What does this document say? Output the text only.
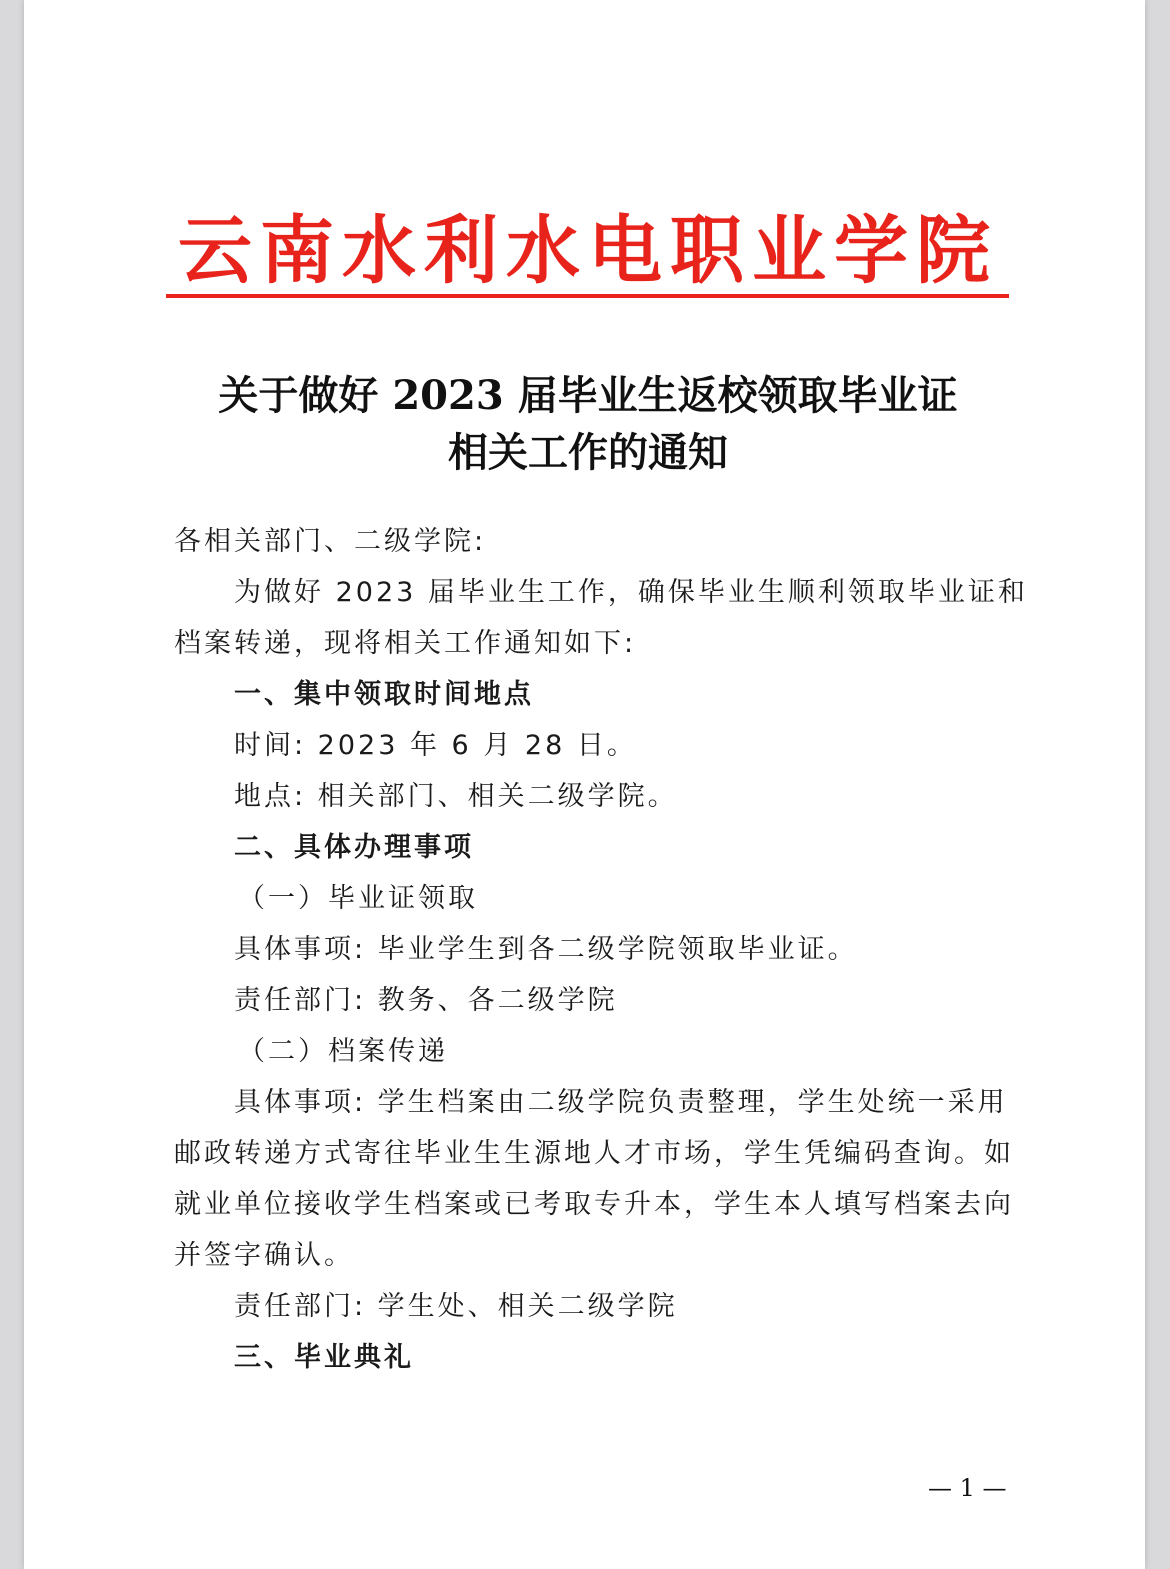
云南水利水电职业学院
关于做好 2023 届毕业生返校领取毕业证
相关工作的通知
各相关部门、二级学院:
为做好 2023 届毕业生工作，确保毕业生顺利领取毕业证和
档案转递，现将相关工作通知如下:
一、集中领取时间地点
时间: 2023 年 6 月 28 日。
地点: 相关部门、相关二级学院。
二、具体办理事项
（一）毕业证领取
具体事项: 毕业学生到各二级学院领取毕业证。
责任部门: 教务、各二级学院
（二）档案传递
具体事项: 学生档案由二级学院负责整理，学生处统一采用
邮政转递方式寄往毕业生生源地人才市场，学生凭编码查询。如
就业单位接收学生档案或已考取专升本，学生本人填写档案去向
并签字确认。
责任部门: 学生处、相关二级学院
三、毕业典礼
— 1 —
